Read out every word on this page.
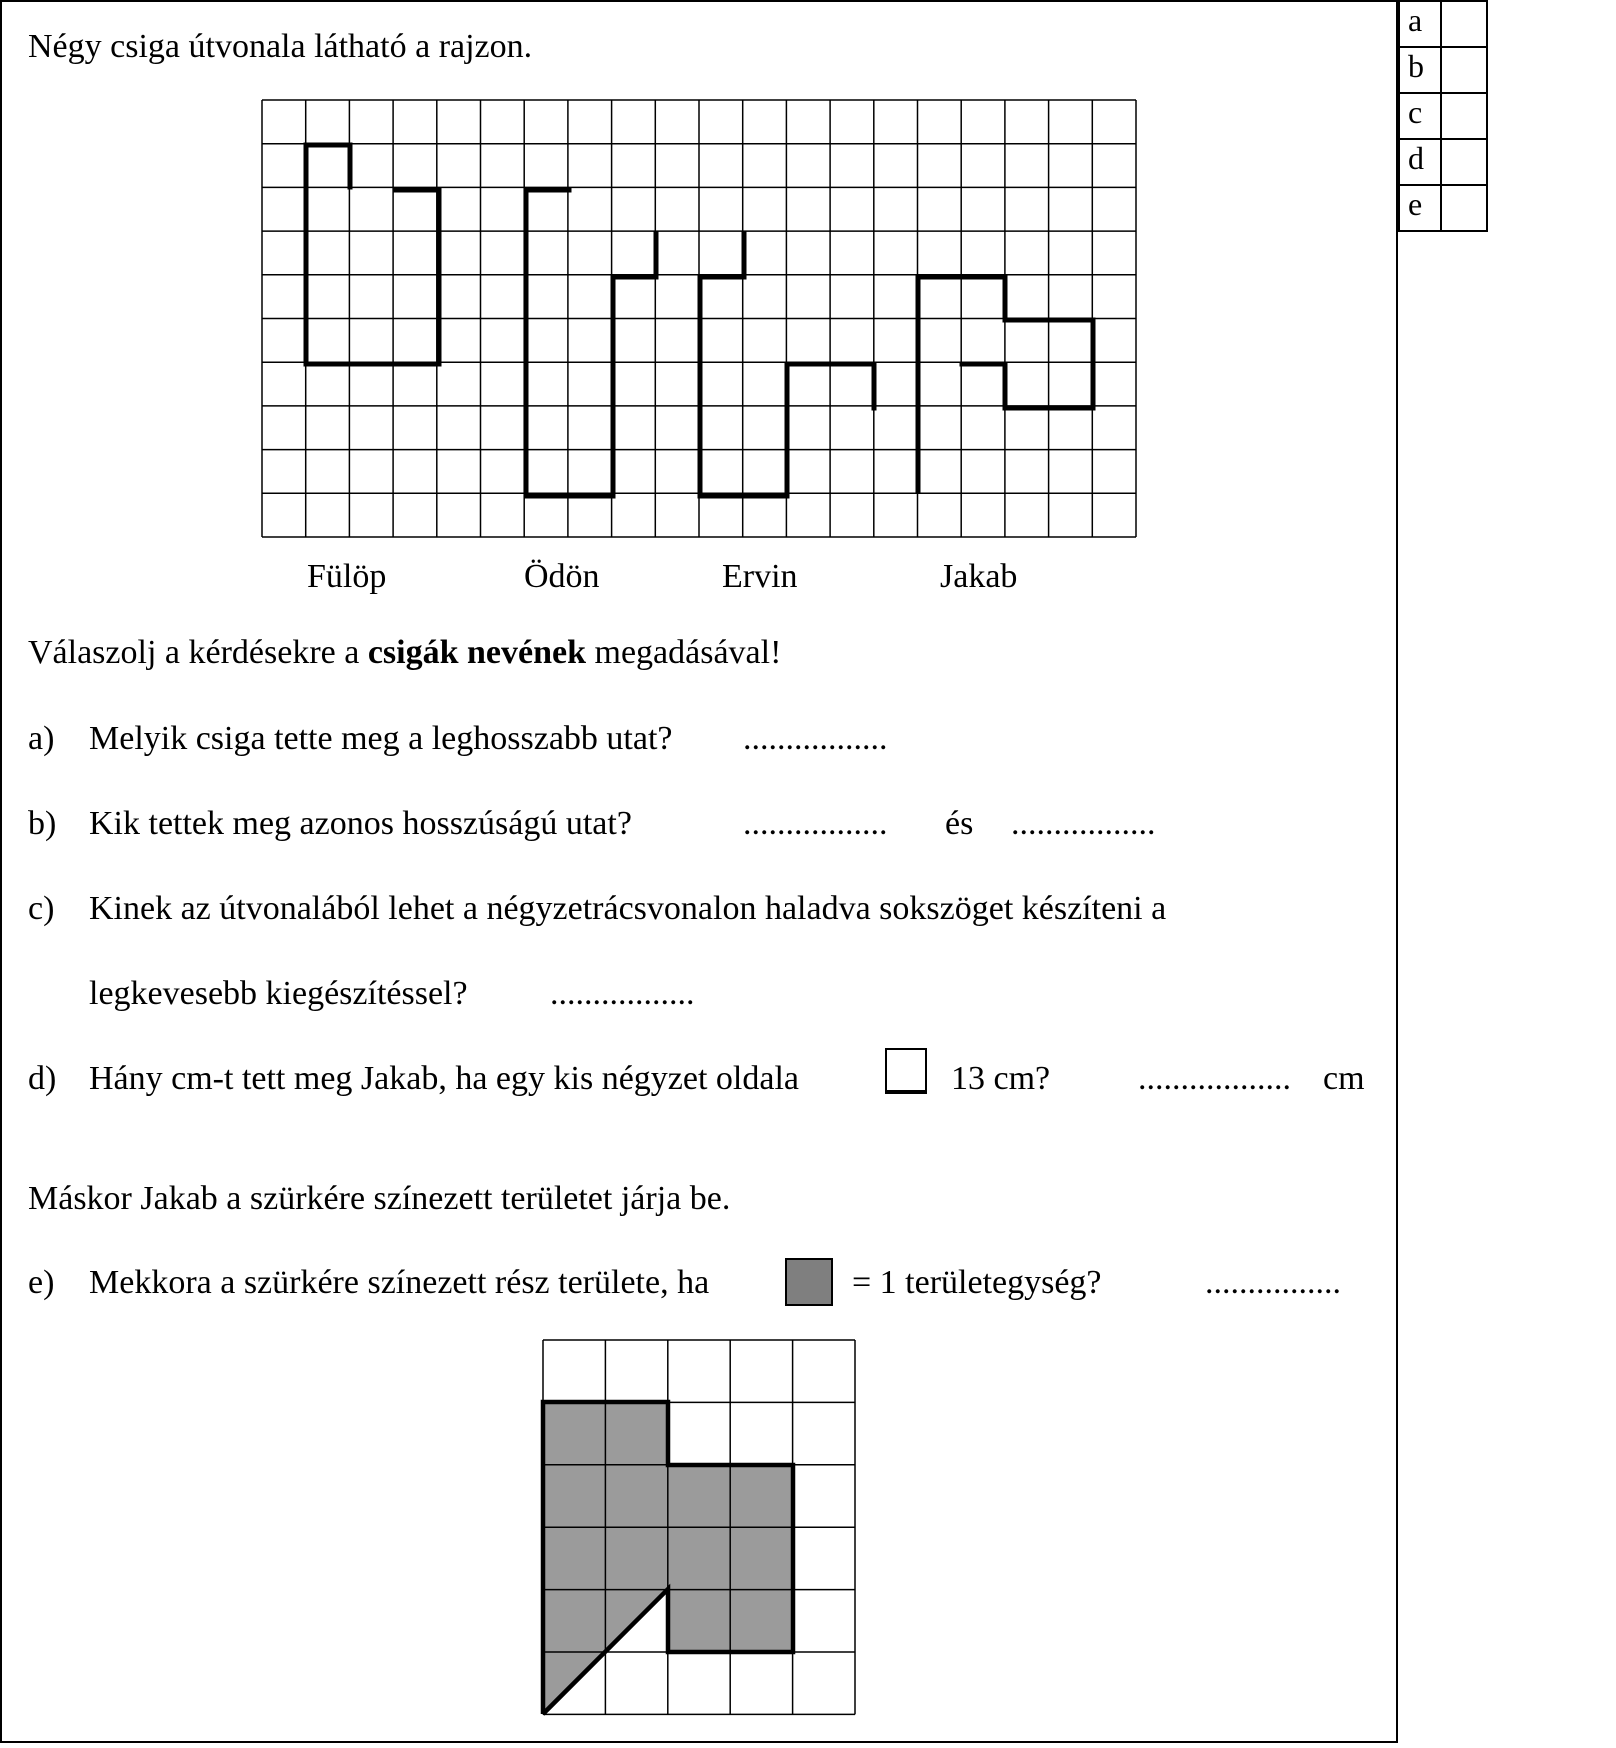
a	
b	
c	
d	
e	
Négy csiga útvonala látható a rajzon.
Fülöp	Ödön	Ervin	Jakab
Válaszolj a kérdésekre a csigák nevének megadásával!
a) Melyik csiga tette meg a leghosszabb utat? .................
b) Kik tettek meg azonos hosszúságú utat?	................. és .................
c) Kinek az útvonalából lehet a négyzetrácsvonalon haladva sokszöget készíteni a
legkevesebb kiegészítéssel? .................
d) Hány cm-t tett meg Jakab, ha egy kis négyzet oldala	13 cm?	.................. cm
Máskor Jakab a szürkére színezett területet járja be.
e) Mekkora a szürkére színezett rész területe, ha	= 1 területegység?	................
